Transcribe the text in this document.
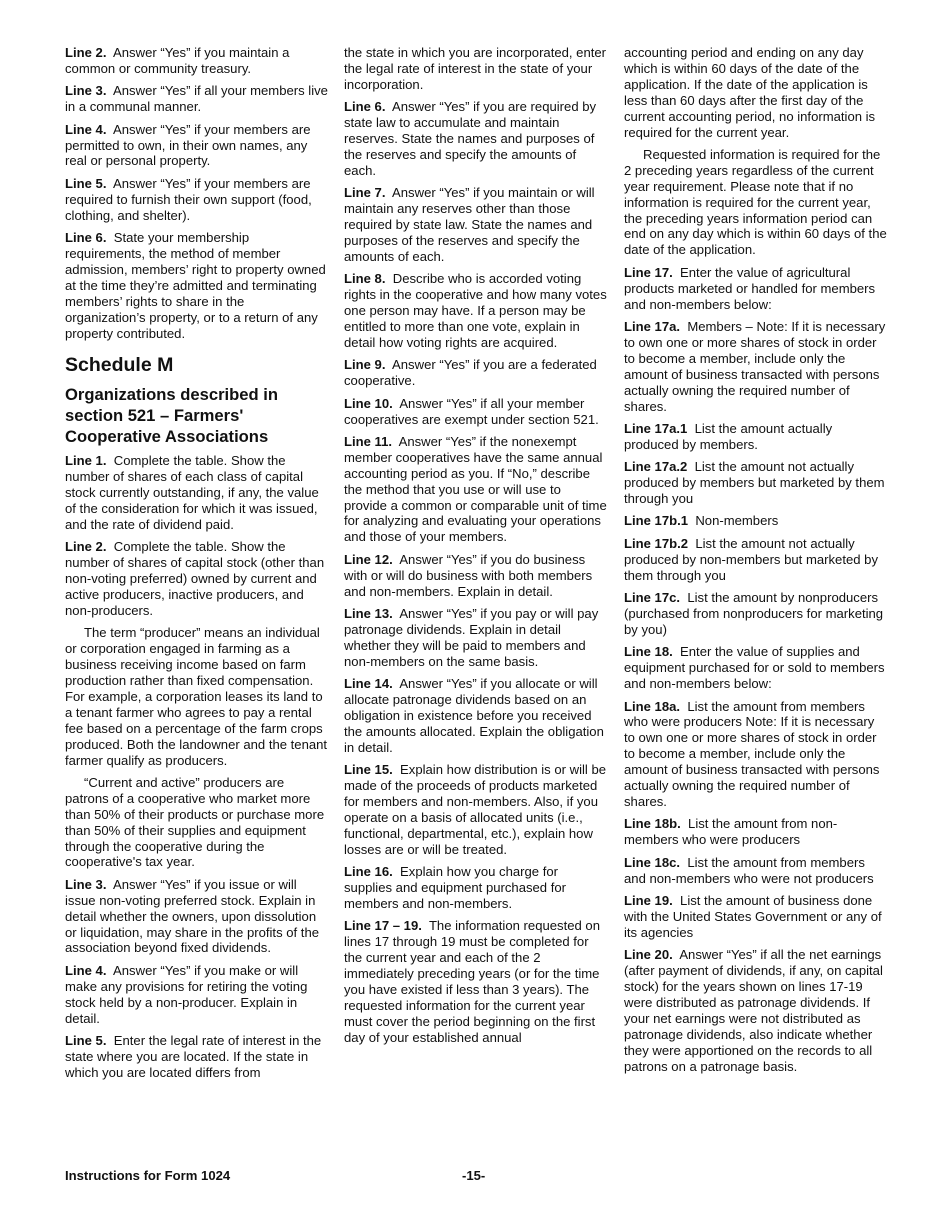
Line 2. Answer “Yes” if you maintain a common or community treasury.

Line 3. Answer “Yes” if all your members live in a communal manner.

Line 4. Answer “Yes” if your members are permitted to own, in their own names, any real or personal property.

Line 5. Answer “Yes” if your members are required to furnish their own support (food, clothing, and shelter).

Line 6. State your membership requirements, the method of member admission, members’ right to property owned at the time they’re admitted and terminating members’ rights to share in the organization’s property, or to a return of any property contributed.

Schedule M
Organizations described in section 521 – Farmers' Cooperative Associations

Line 1. Complete the table. Show the number of shares of each class of capital stock currently outstanding, if any, the value of the consideration for which it was issued, and the rate of dividend paid.

Line 2. Complete the table. Show the number of shares of capital stock (other than non-voting preferred) owned by current and active producers, inactive producers, and non-producers.

The term “producer” means an individual or corporation engaged in farming as a business receiving income based on farm production rather than fixed compensation. For example, a corporation leases its land to a tenant farmer who agrees to pay a rental fee based on a percentage of the farm crops produced. Both the landowner and the tenant farmer qualify as producers.

“Current and active” producers are patrons of a cooperative who market more than 50% of their products or purchase more than 50% of their supplies and equipment through the cooperative during the cooperative's tax year.

Line 3. Answer “Yes” if you issue or will issue non-voting preferred stock. Explain in detail whether the owners, upon dissolution or liquidation, may share in the profits of the association beyond fixed dividends.

Line 4. Answer “Yes” if you make or will make any provisions for retiring the voting stock held by a non-producer. Explain in detail.

Line 5. Enter the legal rate of interest in the state where you are located. If the state in which you are located differs from

the state in which you are incorporated, enter the legal rate of interest in the state of your incorporation.

Line 6. Answer “Yes” if you are required by state law to accumulate and maintain reserves. State the names and purposes of the reserves and specify the amounts of each.

Line 7. Answer “Yes” if you maintain or will maintain any reserves other than those required by state law. State the names and purposes of the reserves and specify the amounts of each.

Line 8. Describe who is accorded voting rights in the cooperative and how many votes one person may have. If a person may be entitled to more than one vote, explain in detail how voting rights are acquired.

Line 9. Answer “Yes” if you are a federated cooperative.

Line 10. Answer “Yes” if all your member cooperatives are exempt under section 521.

Line 11. Answer “Yes” if the nonexempt member cooperatives have the same annual accounting period as you. If “No,” describe the method that you use or will use to provide a common or comparable unit of time for analyzing and evaluating your operations and those of your members.

Line 12. Answer “Yes” if you do business with or will do business with both members and non-members. Explain in detail.

Line 13. Answer “Yes” if you pay or will pay patronage dividends. Explain in detail whether they will be paid to members and non-members on the same basis.

Line 14. Answer “Yes” if you allocate or will allocate patronage dividends based on an obligation in existence before you received the amounts allocated. Explain the obligation in detail.

Line 15. Explain how distribution is or will be made of the proceeds of products marketed for members and non-members. Also, if you operate on a basis of allocated units (i.e., functional, departmental, etc.), explain how losses are or will be treated.

Line 16. Explain how you charge for supplies and equipment purchased for members and non-members.

Line 17 – 19. The information requested on lines 17 through 19 must be completed for the current year and each of the 2 immediately preceding years (or for the time you have existed if less than 3 years). The requested information for the current year must cover the period beginning on the first day of your established annual

accounting period and ending on any day which is within 60 days of the date of the application. If the date of the application is less than 60 days after the first day of the current accounting period, no information is required for the current year.

Requested information is required for the 2 preceding years regardless of the current year requirement. Please note that if no information is required for the current year, the preceding years information period can end on any day which is within 60 days of the date of the application.

Line 17. Enter the value of agricultural products marketed or handled for members and non-members below:

Line 17a. Members – Note: If it is necessary to own one or more shares of stock in order to become a member, include only the amount of business transacted with persons actually owning the required number of shares.

Line 17a.1 List the amount actually produced by members.

Line 17a.2 List the amount not actually produced by members but marketed by them through you

Line 17b.1 Non-members

Line 17b.2 List the amount not actually produced by non-members but marketed by them through you

Line 17c. List the amount by nonproducers (purchased from nonproducers for marketing by you)

Line 18. Enter the value of supplies and equipment purchased for or sold to members and non-members below:

Line 18a. List the amount from members who were producers Note: If it is necessary to own one or more shares of stock in order to become a member, include only the amount of business transacted with persons actually owning the required number of shares.

Line 18b. List the amount from non-members who were producers

Line 18c. List the amount from members and non-members who were not producers

Line 19. List the amount of business done with the United States Government or any of its agencies

Line 20. Answer “Yes” if all the net earnings (after payment of dividends, if any, on capital stock) for the years shown on lines 17-19 were distributed as patronage dividends. If your net earnings were not distributed as patronage dividends, also indicate whether they were apportioned on the records to all patrons on a patronage basis.

Instructions for Form 1024	-15-
